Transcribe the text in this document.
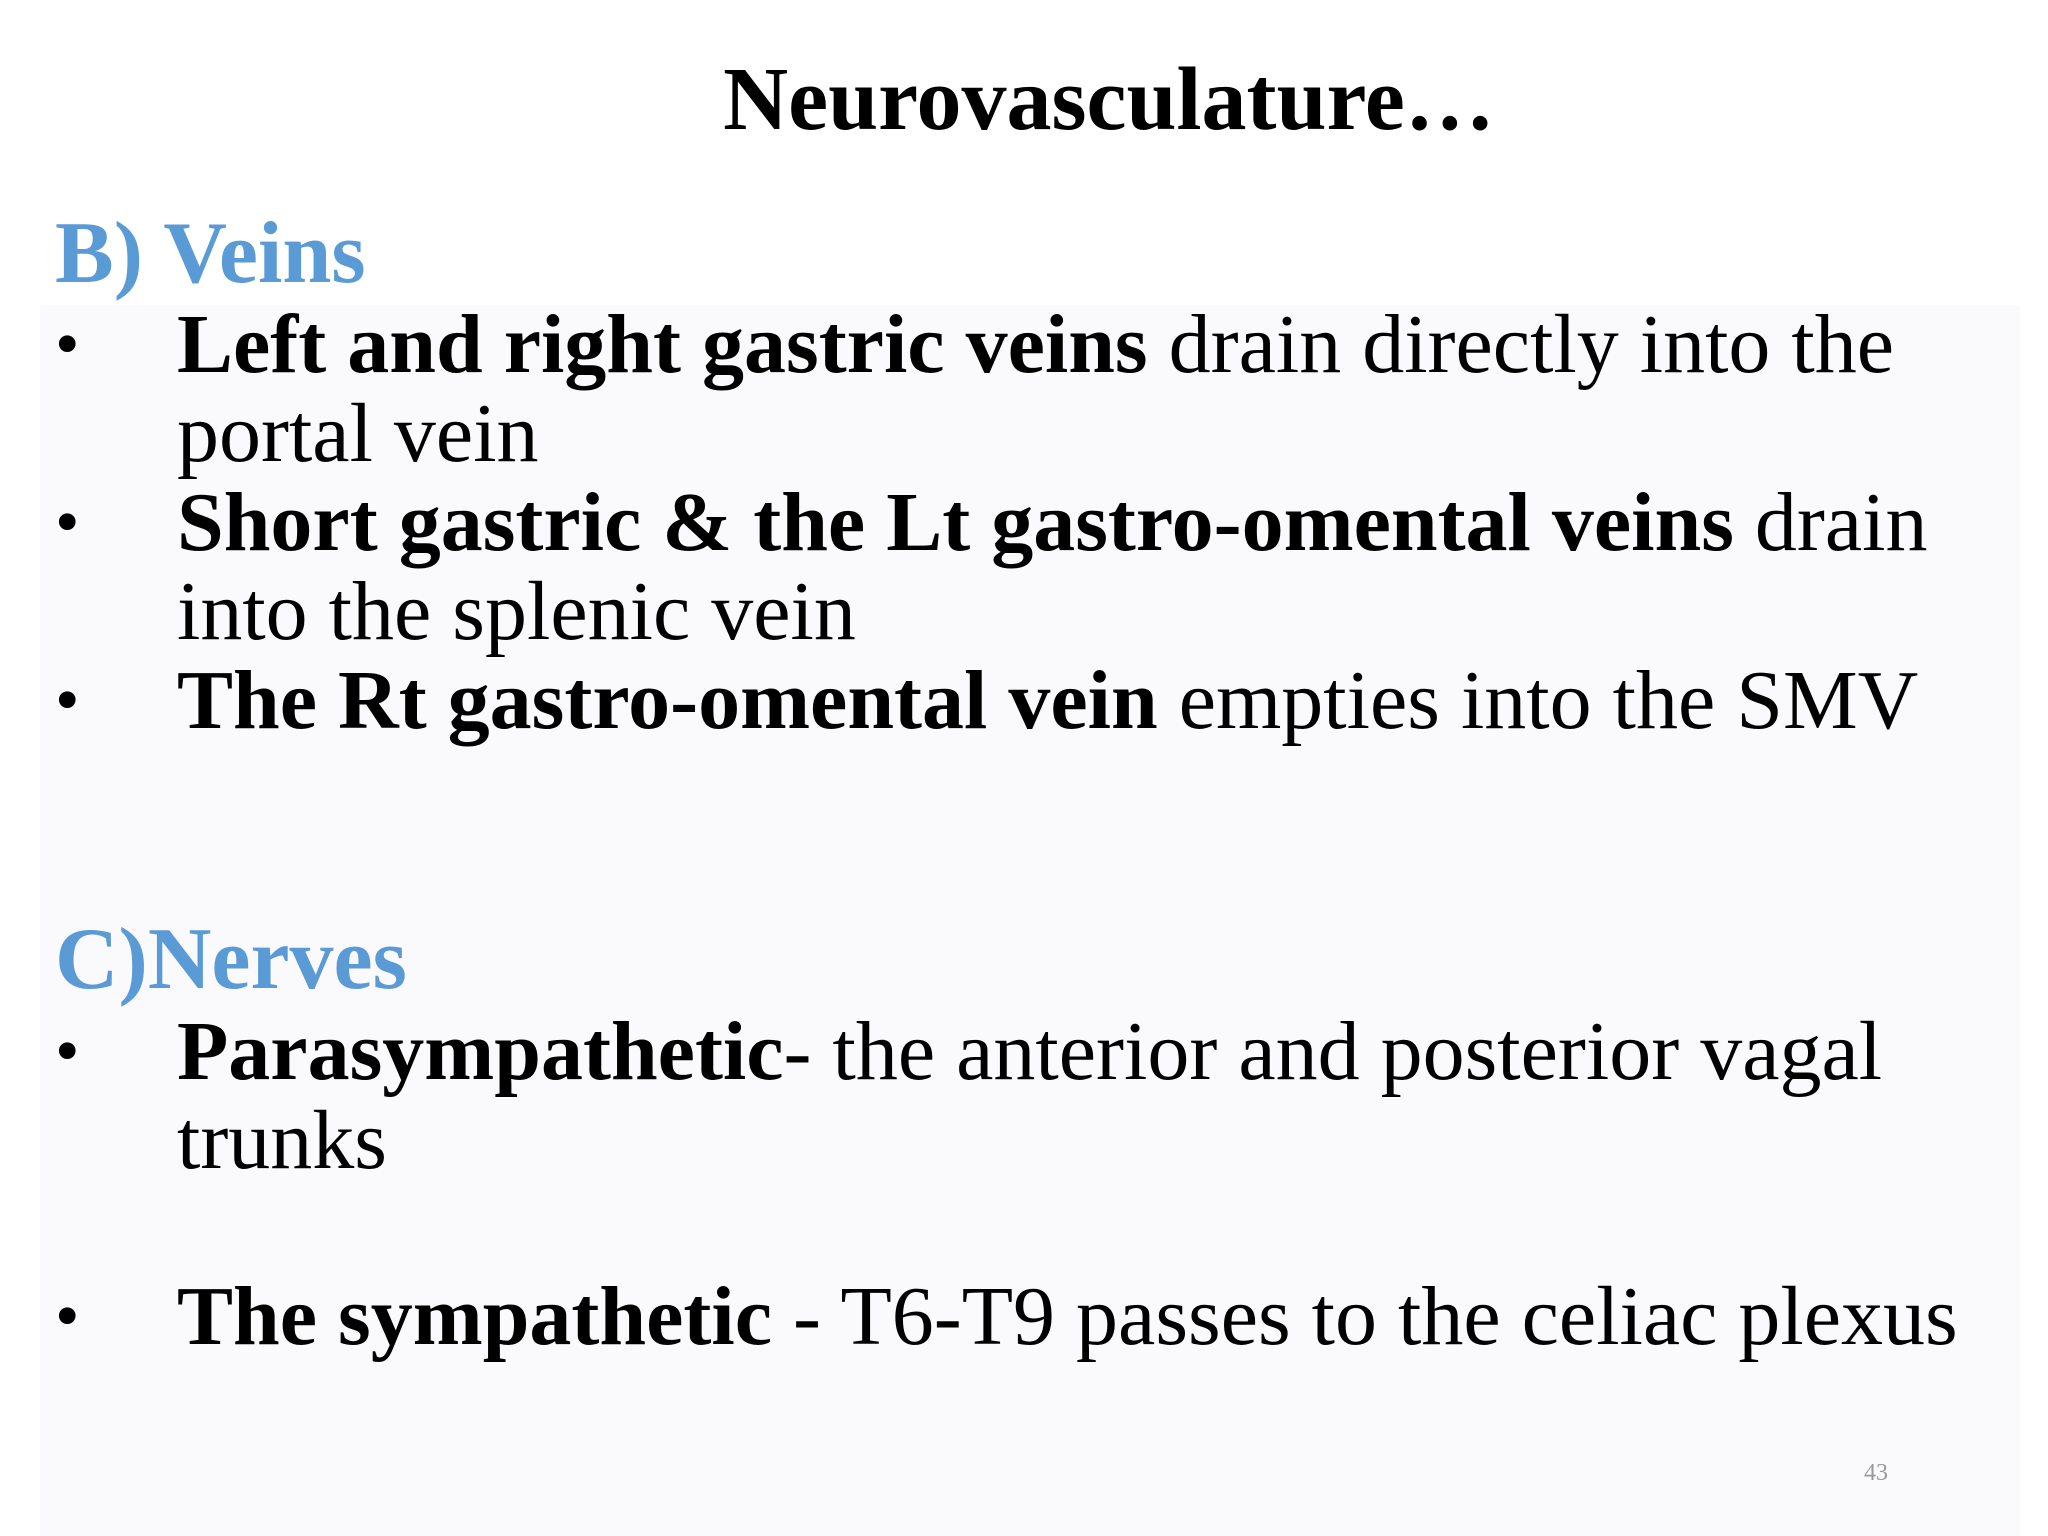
Neurovasculature…
B) Veins
• Left and right gastric veins drain directly into the portal vein
• Short gastric & the Lt gastro-omental veins drain into the splenic vein
• The Rt gastro-omental vein empties into the SMV
C)Nerves
• Parasympathetic- the anterior and posterior vagal trunks
• The sympathetic - T6-T9 passes to the celiac plexus
43
